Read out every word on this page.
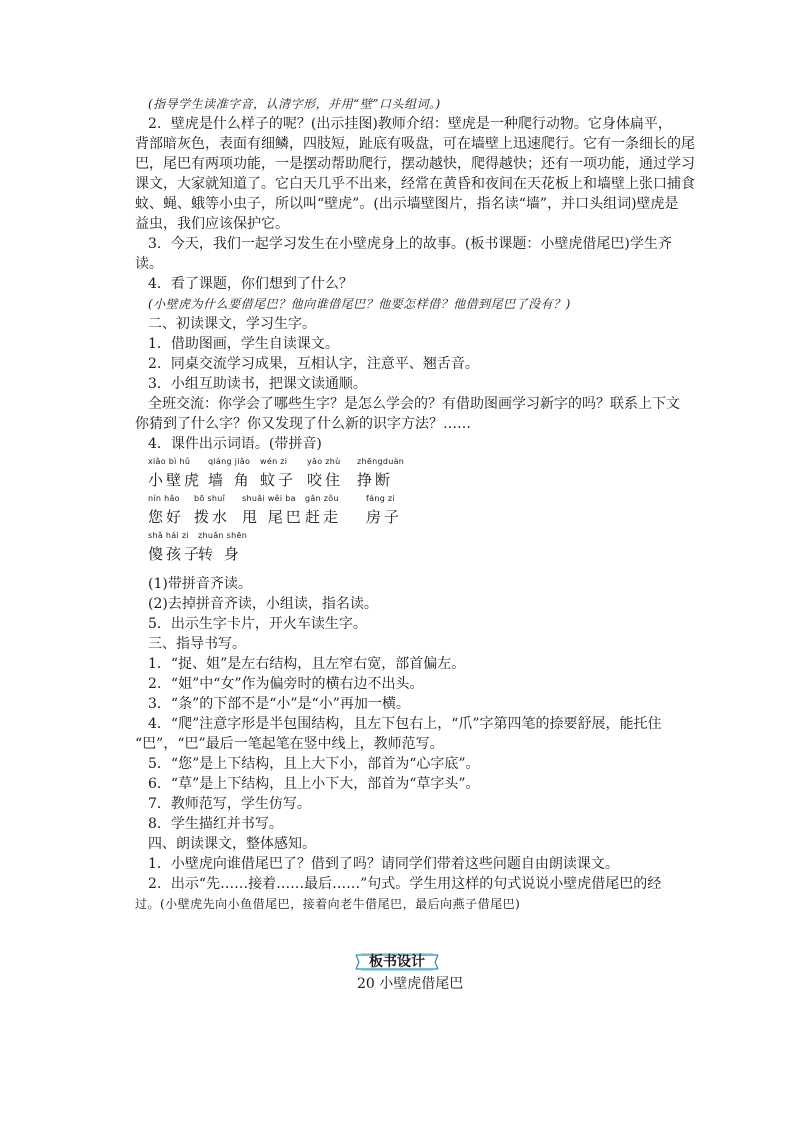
(指导学生读准字音，认清字形，并用“壁”口头组词。)
2．壁虎是什么样子的呢？(出示挂图)教师介绍：壁虎是一种爬行动物。它身体扁平，
背部暗灰色，表面有细鳞，四肢短，趾底有吸盘，可在墙壁上迅速爬行。它有一条细长的尾
巴，尾巴有两项功能，一是摆动帮助爬行，摆动越快，爬得越快；还有一项功能，通过学习
课文，大家就知道了。它白天几乎不出来，经常在黄昏和夜间在天花板上和墙壁上张口捕食
蚊、蝇、蛾等小虫子，所以叫“壁虎”。(出示墙壁图片，指名读“墙”，并口头组词)壁虎是
益虫，我们应该保护它。
3．今天，我们一起学习发生在小壁虎身上的故事。(板书课题：小壁虎借尾巴)学生齐
读。
4．看了课题，你们想到了什么？
(小壁虎为什么要借尾巴？他向谁借尾巴？他要怎样借？他借到尾巴了没有？)
二、初读课文，学习生字。
1．借助图画，学生自读课文。
2．同桌交流学习成果，互相认字，注意平、翘舌音。
3．小组互助读书，把课文读通顺。
全班交流：你学会了哪些生字？是怎么学会的？有借助图画学习新字的吗？联系上下文
你猜到了什么字？你又发现了什么新的识字方法？……
4．课件出示词语。(带拼音)
xiǎo bì hǔ
小壁虎
qiáng jiǎo
墙 角
wén zi
蚊子
yǎo zhù
咬住
zhēngduàn
挣断
nín hǎo
您好
bō shuǐ
拨水
shuǎi wěi ba
甩 尾巴
gǎn zǒu
赶走
fáng zi
房子
shǎ hái zi
傻孩子
zhuǎn shēn
转 身
(1)带拼音齐读。
(2)去掉拼音齐读，小组读，指名读。
5．出示生字卡片，开火车读生字。
三、指导书写。
1．“捉、姐”是左右结构，且左窄右宽，部首偏左。
2．“姐”中“女”作为偏旁时的横右边不出头。
3．“条”的下部不是“小”是“小”再加一横。
4．“爬”注意字形是半包围结构，且左下包右上，“爪”字第四笔的捺要舒展，能托住
“巴”，“巴”最后一笔起笔在竖中线上，教师范写。
5．“您”是上下结构，且上大下小，部首为“心字底”。
6．“草”是上下结构，且上小下大，部首为“草字头”。
7．教师范写，学生仿写。
8．学生描红并书写。
四、朗读课文，整体感知。
1．小壁虎向谁借尾巴了？借到了吗？请同学们带着这些问题自由朗读课文。
2．出示“先……接着……最后……”句式。学生用这样的句式说说小壁虎借尾巴的经
过。(小壁虎先向小鱼借尾巴，接着向老牛借尾巴，最后向燕子借尾巴)
板书设计
20 小壁虎借尾巴
